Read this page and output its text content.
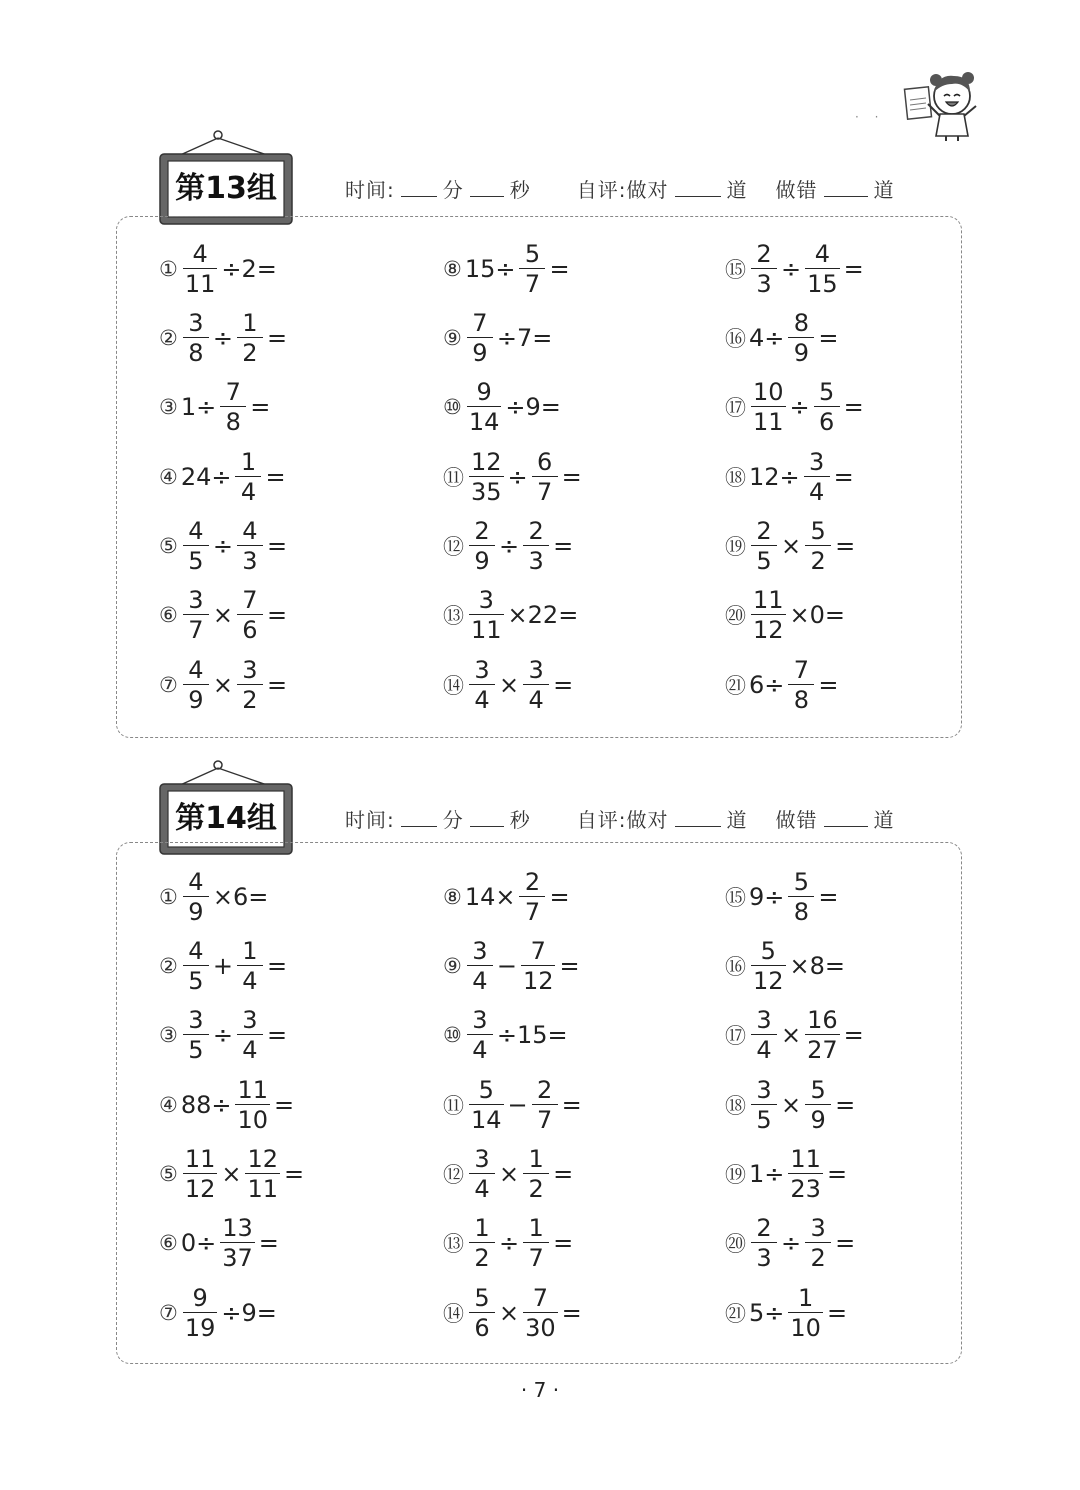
· ·
第13组	时间: 分 秒 自评:做对	道 做错	道
① $\frac{4}{11} \div 2=$
② $\frac{3}{8} \div \frac{1}{2}$ =
③ $1\div \frac{7}{8}$ =
④ $24\div \frac{1}{4}$ =
⑤ $\frac{4}{5} \div \frac{4}{3}$ =
⑥ $\frac{3}{7} \times \frac{7}{6}$ =
⑦ $\frac{4}{9} \times \frac{3}{2}$ =
⑧ $15\div \frac{5}{7}$ =
⑨ $\frac{7}{9} \div 7=$
⑩ $\frac{9}{14} \div 9=$
⑪ $\frac{12}{35} \div \frac{6}{7}$ =
⑫ $\frac{2}{9} \div \frac{2}{3}$ =
⑬ $\frac{3}{11} \times 22=$
⑭ $\frac{3}{4} \times \frac{3}{4}$ =
⑮ $\frac{2}{3} \div \frac{4}{15}$ =
⑯ $4\div \frac{8}{9}$ =
⑰ $\frac{10}{11} \div \frac{5}{6}$ =
⑱ $12\div \frac{3}{4}$ =
⑲ $\frac{2}{5} \times \frac{5}{2}$ =
⑳ $\frac{11}{12} \times 0=$
㉑ $6\div \frac{7}{8}$ =
第14组	时间: 分 秒 自评:做对	道 做错	道
① $\frac{4}{9} \times 6=$
② $\frac{4}{5} + \frac{1}{4}$ =
③ $\frac{3}{5} \div \frac{3}{4}$ =
④ $88\div \frac{11}{10}$ =
⑤ $\frac{11}{12} \times \frac{12}{11}$ =
⑥ $0\div \frac{13}{37}$ =
⑦ $\frac{9}{19} \div 9=$
⑧ $14\times \frac{2}{7}$ =
⑨ $\frac{3}{4} - \frac{7}{12}$ =
⑩ $\frac{3}{4} \div 15=$
⑪ $\frac{5}{14} - \frac{2}{7}$ =
⑫ $\frac{3}{4} \times \frac{1}{2}$ =
⑬ $\frac{1}{2} \div \frac{1}{7}$ =
⑭ $\frac{5}{6} \times \frac{7}{30}$ =
⑮ $9\div \frac{5}{8}$ =
⑯ $\frac{5}{12} \times 8=$
⑰ $\frac{3}{4} \times \frac{16}{27}$ =
⑱ $\frac{3}{5} \times \frac{5}{9}$ =
⑲ $1\div \frac{11}{23}$ =
⑳ $\frac{2}{3} \div \frac{3}{2}$ =
㉑ $5\div \frac{1}{10}$ =
· 7 ·
